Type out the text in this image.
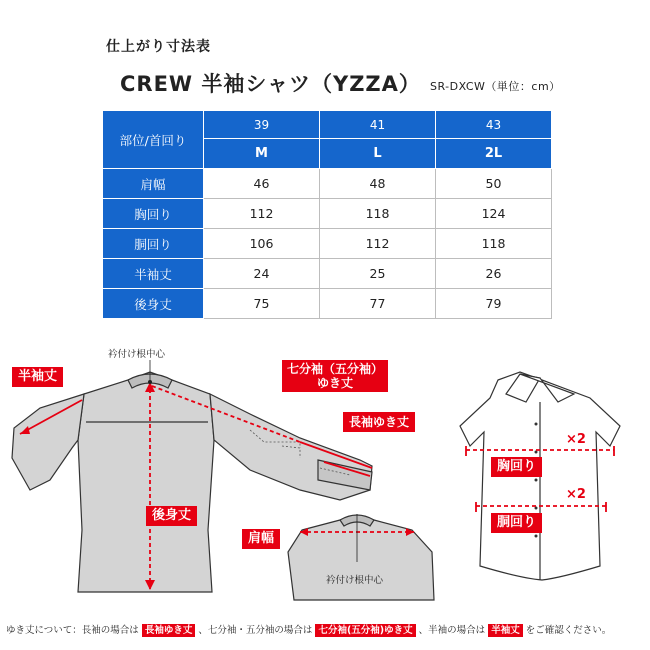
仕上がり寸法表
CREW 半袖シャツ（YZZA） SR-DXCW（単位：cm）
部位/首回り	39	41	43
	M	L	2L
肩幅	46	48	50
胸回り	112	118	124
胴回り	106	112	118
半袖丈	24	25	26
後身丈	75	77	79
衿付け根中心
半袖丈	七分袖（五分袖）
ゆき丈
長袖ゆき丈
後身丈
肩幅
衿付け根中心
胸回り
胴回り
×2
×2
ゆき丈について：長袖の場合は 長袖ゆき丈 、七分袖・五分袖の場合は 七分袖(五分袖)ゆき丈 、半袖の場合は 半袖丈 をご確認ください。
